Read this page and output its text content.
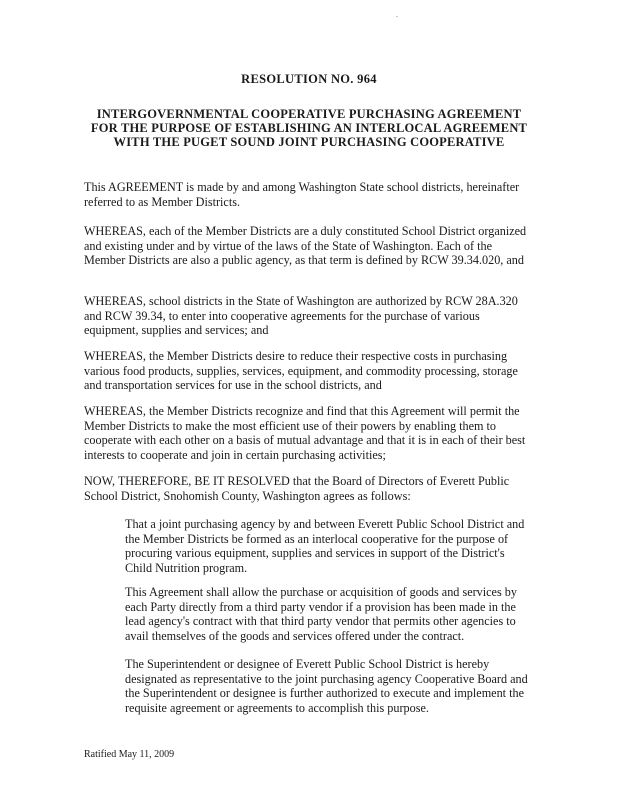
.
RESOLUTION NO. 964
INTERGOVERNMENTAL COOPERATIVE PURCHASING AGREEMENT
FOR THE PURPOSE OF ESTABLISHING AN INTERLOCAL AGREEMENT
WITH THE PUGET SOUND JOINT PURCHASING COOPERATIVE

This AGREEMENT is made by and among Washington State school districts, hereinafter referred to as Member Districts.

WHEREAS, each of the Member Districts are a duly constituted School District organized and existing under and by virtue of the laws of the State of Washington. Each of the Member Districts are also a public agency, as that term is defined by RCW 39.34.020, and

WHEREAS, school districts in the State of Washington are authorized by RCW 28A.320 and RCW 39.34, to enter into cooperative agreements for the purchase of various equipment, supplies and services; and

WHEREAS, the Member Districts desire to reduce their respective costs in purchasing various food products, supplies, services, equipment, and commodity processing, storage and transportation services for use in the school districts, and

WHEREAS, the Member Districts recognize and find that this Agreement will permit the Member Districts to make the most efficient use of their powers by enabling them to cooperate with each other on a basis of mutual advantage and that it is in each of their best interests to cooperate and join in certain purchasing activities;

NOW, THEREFORE, BE IT RESOLVED that the Board of Directors of Everett Public School District, Snohomish County, Washington agrees as follows:

That a joint purchasing agency by and between Everett Public School District and the Member Districts be formed as an interlocal cooperative for the purpose of procuring various equipment, supplies and services in support of the District's Child Nutrition program.

This Agreement shall allow the purchase or acquisition of goods and services by each Party directly from a third party vendor if a provision has been made in the lead agency's contract with that third party vendor that permits other agencies to avail themselves of the goods and services offered under the contract.

The Superintendent or designee of Everett Public School District is hereby designated as representative to the joint purchasing agency Cooperative Board and the Superintendent or designee is further authorized to execute and implement the requisite agreement or agreements to accomplish this purpose.

Ratified May 11, 2009
